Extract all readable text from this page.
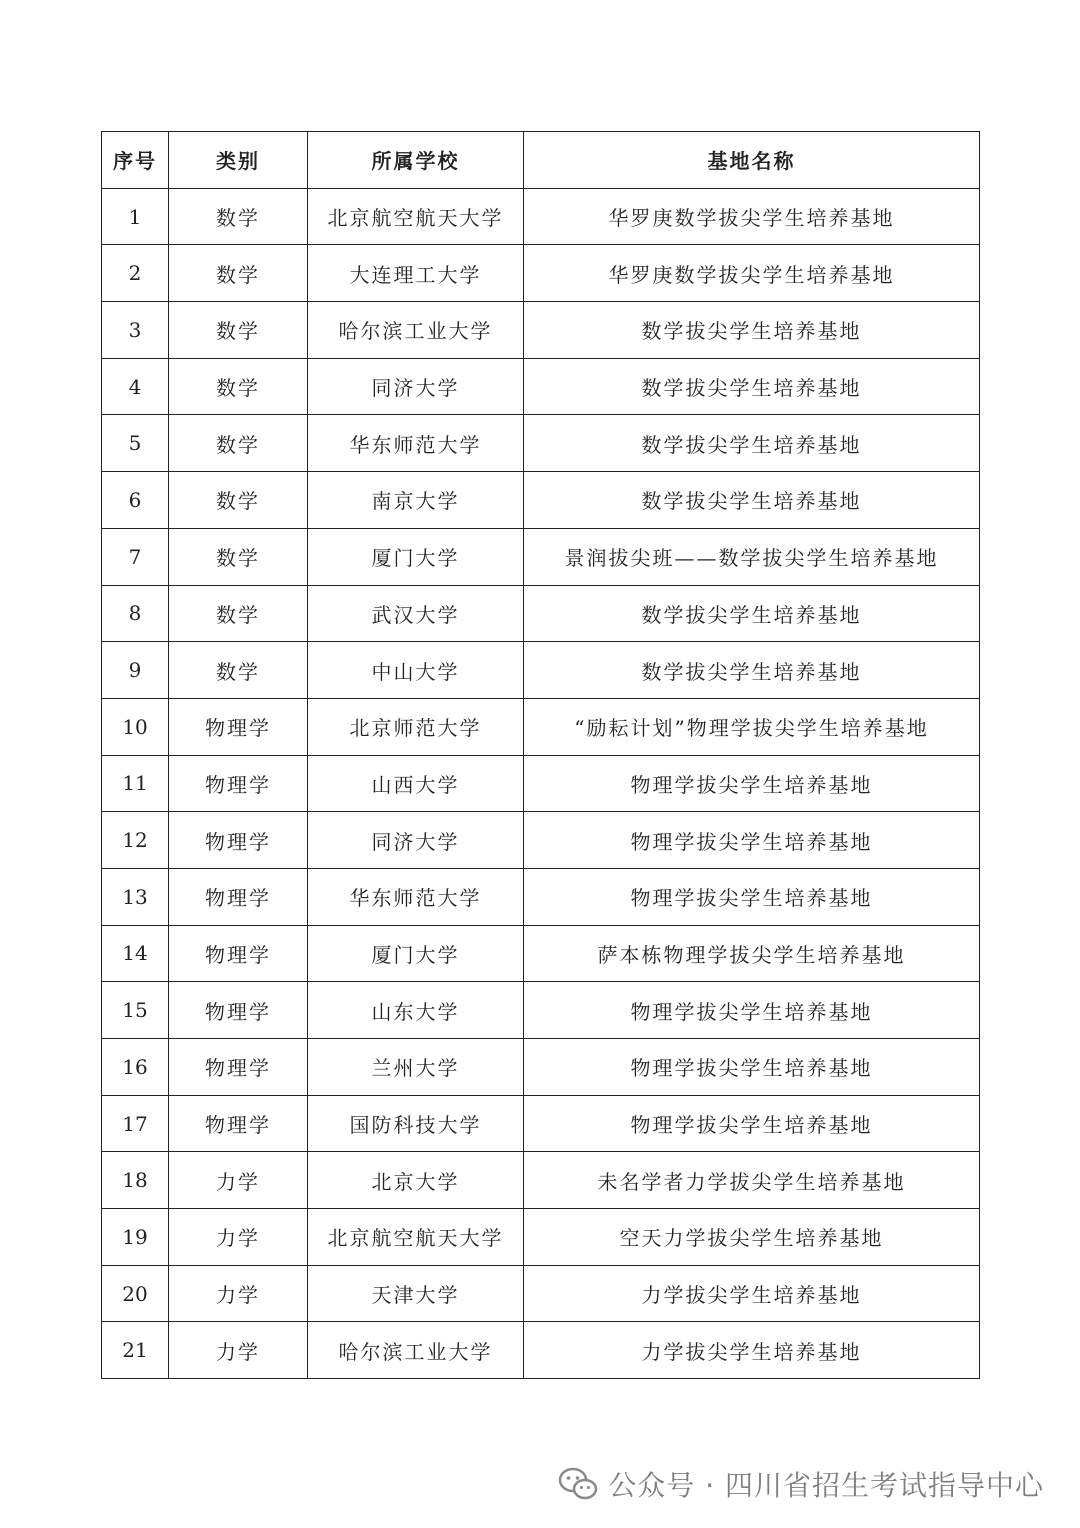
序号	类别	所属学校	基地名称
1	数学	北京航空航天大学	华罗庚数学拔尖学生培养基地
2	数学	大连理工大学	华罗庚数学拔尖学生培养基地
3	数学	哈尔滨工业大学	数学拔尖学生培养基地
4	数学	同济大学	数学拔尖学生培养基地
5	数学	华东师范大学	数学拔尖学生培养基地
6	数学	南京大学	数学拔尖学生培养基地
7	数学	厦门大学	景润拔尖班——数学拔尖学生培养基地
8	数学	武汉大学	数学拔尖学生培养基地
9	数学	中山大学	数学拔尖学生培养基地
10	物理学	北京师范大学	“励耘计划”物理学拔尖学生培养基地
11	物理学	山西大学	物理学拔尖学生培养基地
12	物理学	同济大学	物理学拔尖学生培养基地
13	物理学	华东师范大学	物理学拔尖学生培养基地
14	物理学	厦门大学	萨本栋物理学拔尖学生培养基地
15	物理学	山东大学	物理学拔尖学生培养基地
16	物理学	兰州大学	物理学拔尖学生培养基地
17	物理学	国防科技大学	物理学拔尖学生培养基地
18	力学	北京大学	未名学者力学拔尖学生培养基地
19	力学	北京航空航天大学	空天力学拔尖学生培养基地
20	力学	天津大学	力学拔尖学生培养基地
21	力学	哈尔滨工业大学	力学拔尖学生培养基地
公众号 · 四川省招生考试指导中心
